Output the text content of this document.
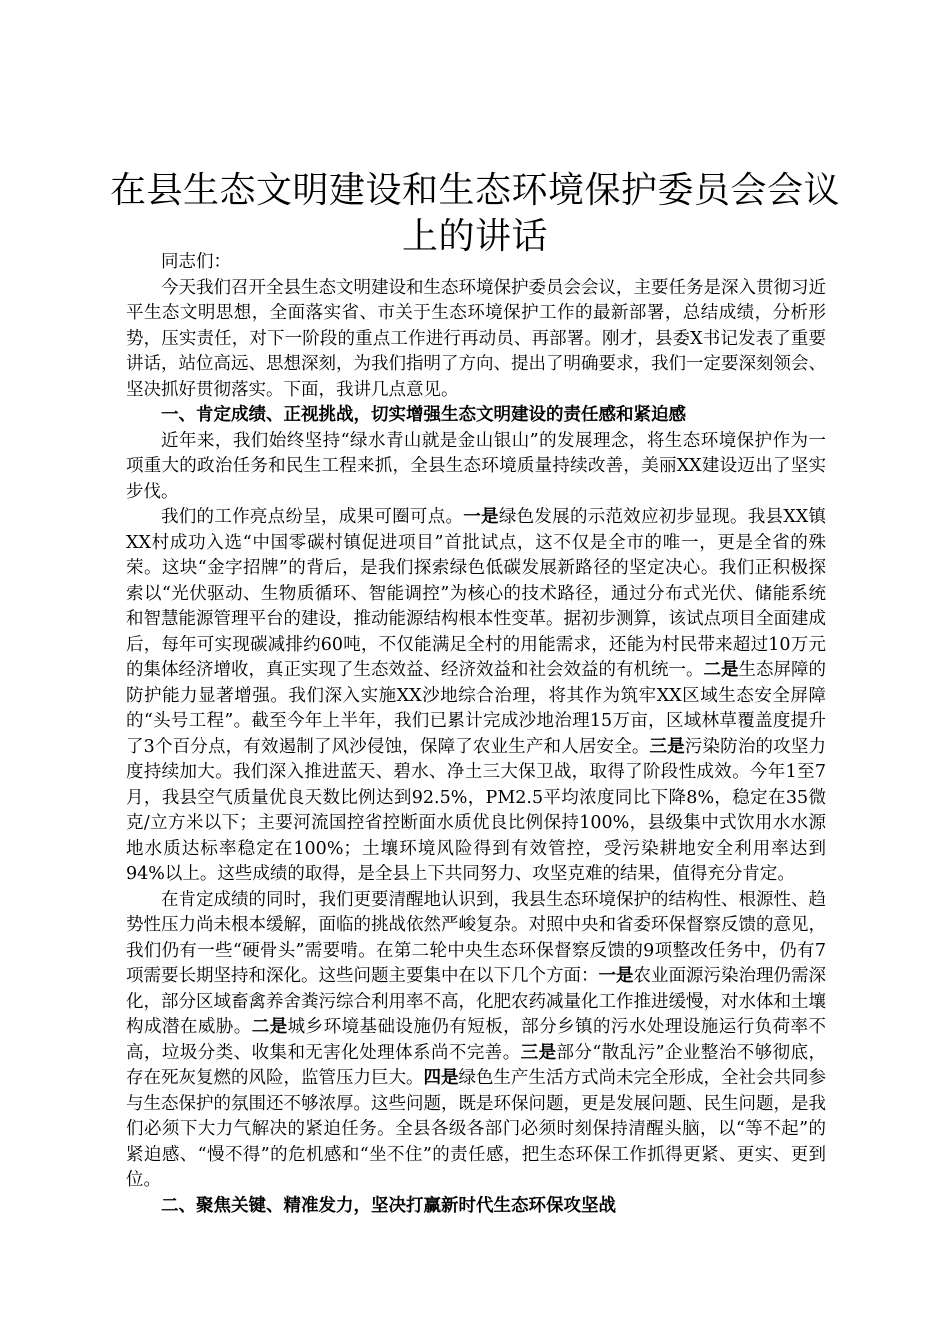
在县生态文明建设和生态环境保护委员会会议
上的讲话

同志们：

今天我们召开全县生态文明建设和生态环境保护委员会会议，主要任务是深入贯彻习近平生态文明思想，全面落实省、市关于生态环境保护工作的最新部署，总结成绩，分析形势，压实责任，对下一阶段的重点工作进行再动员、再部署。刚才，县委X书记发表了重要讲话，站位高远、思想深刻，为我们指明了方向、提出了明确要求，我们一定要深刻领会、坚决抓好贯彻落实。下面，我讲几点意见。

一、肯定成绩、正视挑战，切实增强生态文明建设的责任感和紧迫感

近年来，我们始终坚持“绿水青山就是金山银山”的发展理念，将生态环境保护作为一项重大的政治任务和民生工程来抓，全县生态环境质量持续改善，美丽XX建设迈出了坚实步伐。

我们的工作亮点纷呈，成果可圈可点。一是绿色发展的示范效应初步显现。我县XX镇XX村成功入选“中国零碳村镇促进项目”首批试点，这不仅是全市的唯一，更是全省的殊荣。这块“金字招牌”的背后，是我们探索绿色低碳发展新路径的坚定决心。我们正积极探索以“光伏驱动、生物质循环、智能调控”为核心的技术路径，通过分布式光伏、储能系统和智慧能源管理平台的建设，推动能源结构根本性变革。据初步测算，该试点项目全面建成后，每年可实现碳减排约60吨，不仅能满足全村的用能需求，还能为村民带来超过10万元的集体经济增收，真正实现了生态效益、经济效益和社会效益的有机统一。二是生态屏障的防护能力显著增强。我们深入实施XX沙地综合治理，将其作为筑牢XX区域生态安全屏障的“头号工程”。截至今年上半年，我们已累计完成沙地治理15万亩，区域林草覆盖度提升了3个百分点，有效遏制了风沙侵蚀，保障了农业生产和人居安全。三是污染防治的攻坚力度持续加大。我们深入推进蓝天、碧水、净土三大保卫战，取得了阶段性成效。今年1至7月，我县空气质量优良天数比例达到92.5%，PM2.5平均浓度同比下降8%，稳定在35微克/立方米以下；主要河流国控省控断面水质优良比例保持100%，县级集中式饮用水水源地水质达标率稳定在100%；土壤环境风险得到有效管控，受污染耕地安全利用率达到94%以上。这些成绩的取得，是全县上下共同努力、攻坚克难的结果，值得充分肯定。

在肯定成绩的同时，我们更要清醒地认识到，我县生态环境保护的结构性、根源性、趋势性压力尚未根本缓解，面临的挑战依然严峻复杂。对照中央和省委环保督察反馈的意见，我们仍有一些“硬骨头”需要啃。在第二轮中央生态环保督察反馈的9项整改任务中，仍有7项需要长期坚持和深化。这些问题主要集中在以下几个方面：一是农业面源污染治理仍需深化，部分区域畜禽养舍粪污综合利用率不高，化肥农药减量化工作推进缓慢，对水体和土壤构成潜在威胁。二是城乡环境基础设施仍有短板，部分乡镇的污水处理设施运行负荷率不高，垃圾分类、收集和无害化处理体系尚不完善。三是部分“散乱污”企业整治不够彻底，存在死灰复燃的风险，监管压力巨大。四是绿色生产生活方式尚未完全形成，全社会共同参与生态保护的氛围还不够浓厚。这些问题，既是环保问题，更是发展问题、民生问题，是我们必须下大力气解决的紧迫任务。全县各级各部门必须时刻保持清醒头脑，以“等不起”的紧迫感、“慢不得”的危机感和“坐不住”的责任感，把生态环保工作抓得更紧、更实、更到位。

二、聚焦关键、精准发力，坚决打赢新时代生态环保攻坚战
